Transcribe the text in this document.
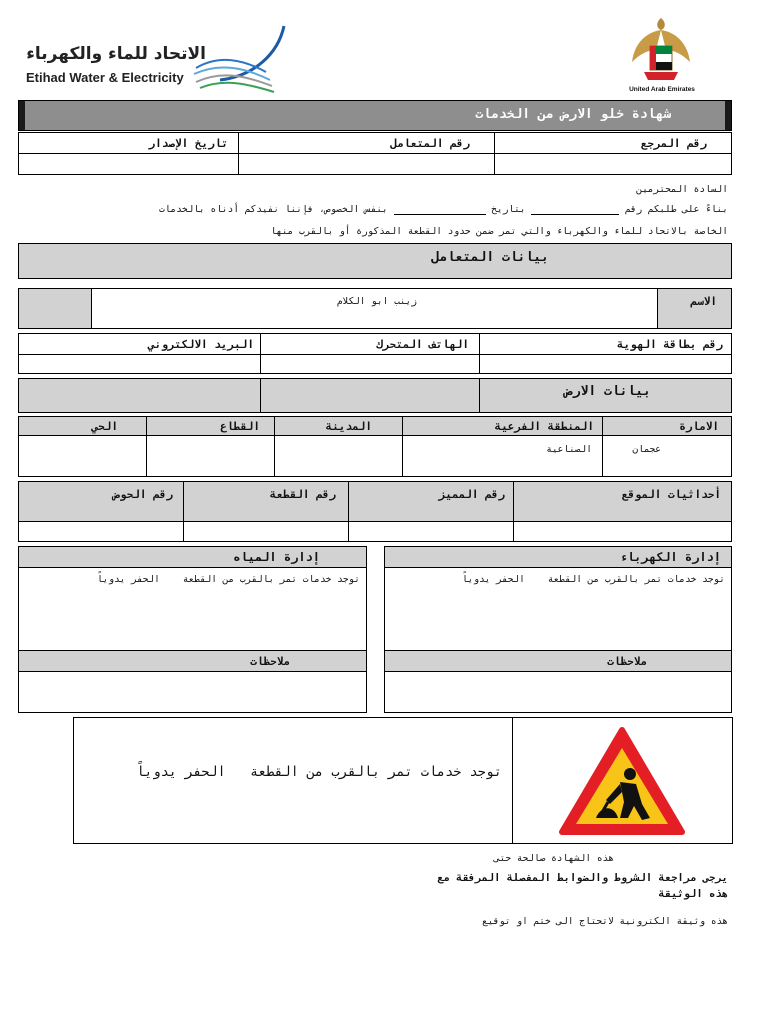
الاتحاد للماء والكهرباء
Etihad Water & Electricity
United Arab Emirates
شهادة خلو الارض من الخدمات
رقم المرجع
رقم المتعامل
تاريخ الإصدار
السادة المحترمين
بناءً على طلبكم رقم  بتاريخ  بنفس الخصوص، فإننا نفيدكم أدناه بالخدمات
الخاصة بالاتحاد للماء والكهرباء والتي تمر ضمن حدود القطعة المذكورة أو بالقرب منها
بيانات المتعامل
الاسم
زينب ابو الكلام
رقم بطاقة الهوية
الهاتف المتحرك
البريد الالكتروني
بيانات الارض
الامارة
المنطقة الفرعية
المدينة
القطاع
الحي
عجمان
الصناعية
أحداثيات الموقع
رقم المميز
رقم القطعة
رقم الحوض
إدارة الكهرباء
توجد خدمات تمر بالقرب من القطعة    الحفر يدوياً
ملاحظات
إدارة المياه
توجد خدمات تمر بالقرب من القطعة    الحفر يدوياً
ملاحظات
توجد خدمات تمر بالقرب من القطعة   الحفر يدوياً
هذه الشهادة صالحة حتى
يرجى مراجعة الشروط والضوابط المفصلة المرفقة مع
هذه الوثيقة
هذه وثيقة الكترونية لاتحتاج الى ختم او توقيع
